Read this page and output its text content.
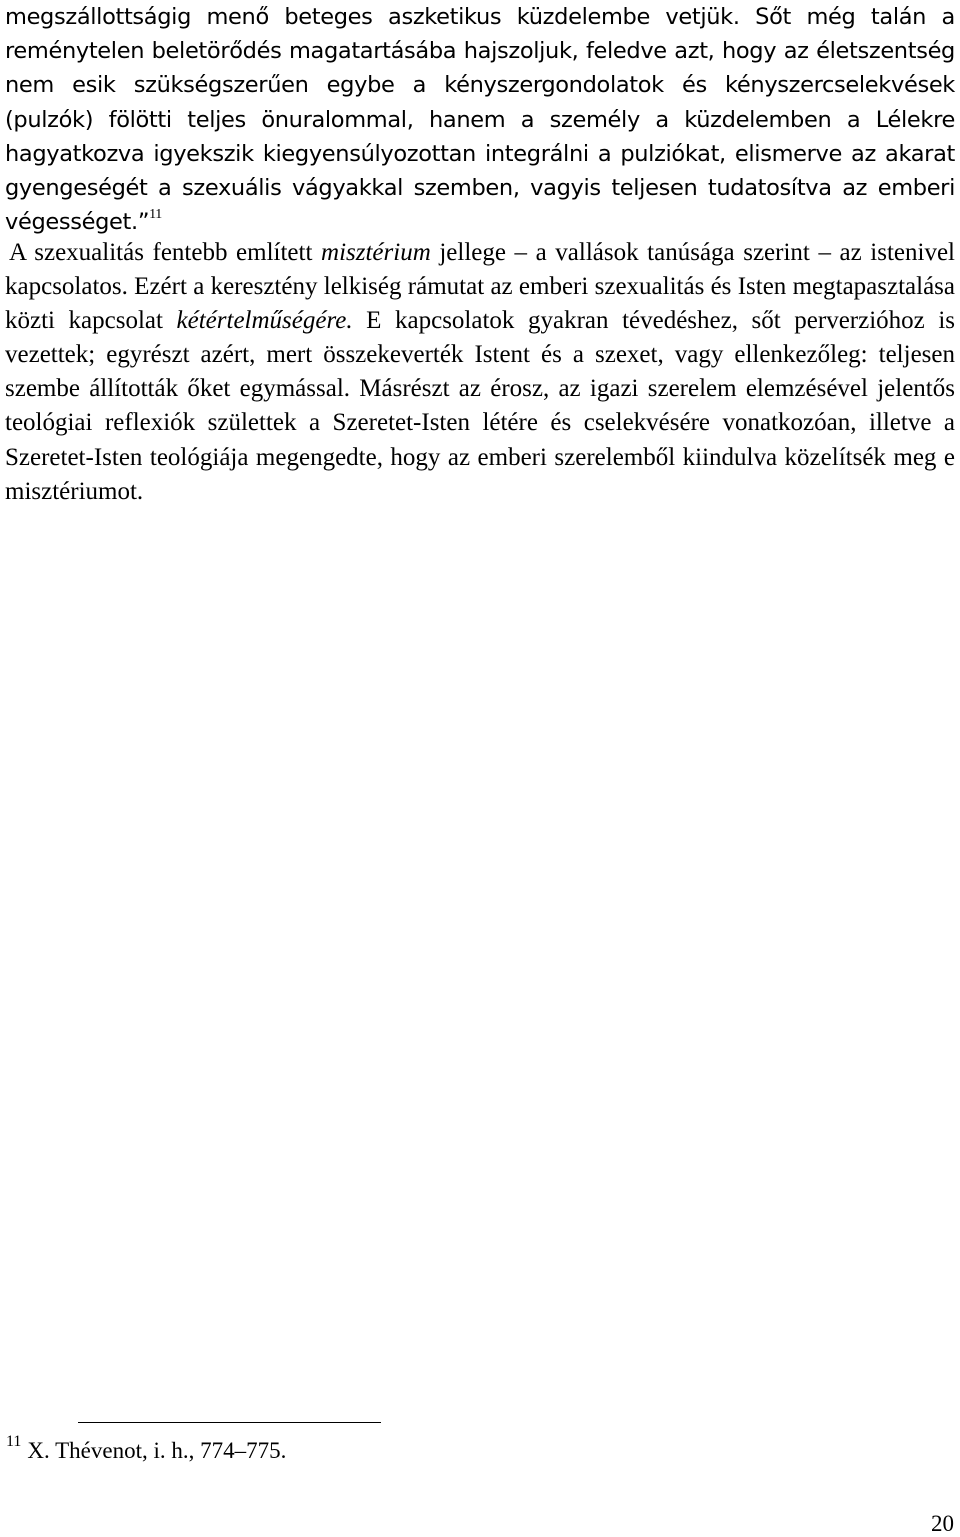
megszállottságig menő beteges aszketikus küzdelembe vetjük. Sőt még talán a reménytelen beletörődés magatartásába hajszoljuk, feledve azt, hogy az életszentség nem esik szükségszerűen egybe a kényszergondolatok és kényszercselekvések (pulzók) fölötti teljes önuralommal, hanem a személy a küzdelemben a Lélekre hagyatkozva igyekszik kiegyensúlyozottan integrálni a pulziókat, elismerve az akarat gyengeségét a szexuális vágyakkal szemben, vagyis teljesen tudatosítva az emberi végességet.”$^{11}$

A szexualitás fentebb említett misztérium jellege – a vallások tanúsága szerint – az istenivel kapcsolatos. Ezért a keresztény lelkiség rámutat az emberi szexualitás és Isten megtapasztalása közti kapcsolat kétértelműségére. E kapcsolatok gyakran tévedéshez, sőt perverzióhoz is vezettek; egyrészt azért, mert összekeverték Istent és a szexet, vagy ellenkezőleg: teljesen szembe állították őket egymással. Másrészt az érosz, az igazi szerelem elemzésével jelentős teológiai reflexiók születtek a Szeretet-Isten létére és cselekvésére vonatkozóan, illetve a Szeretet-Isten teológiája megengedte, hogy az emberi szerelemből kiindulva közelítsék meg e misztériumot.

$^{11}$ X. Thévenot, i. h., 774–775.

20
